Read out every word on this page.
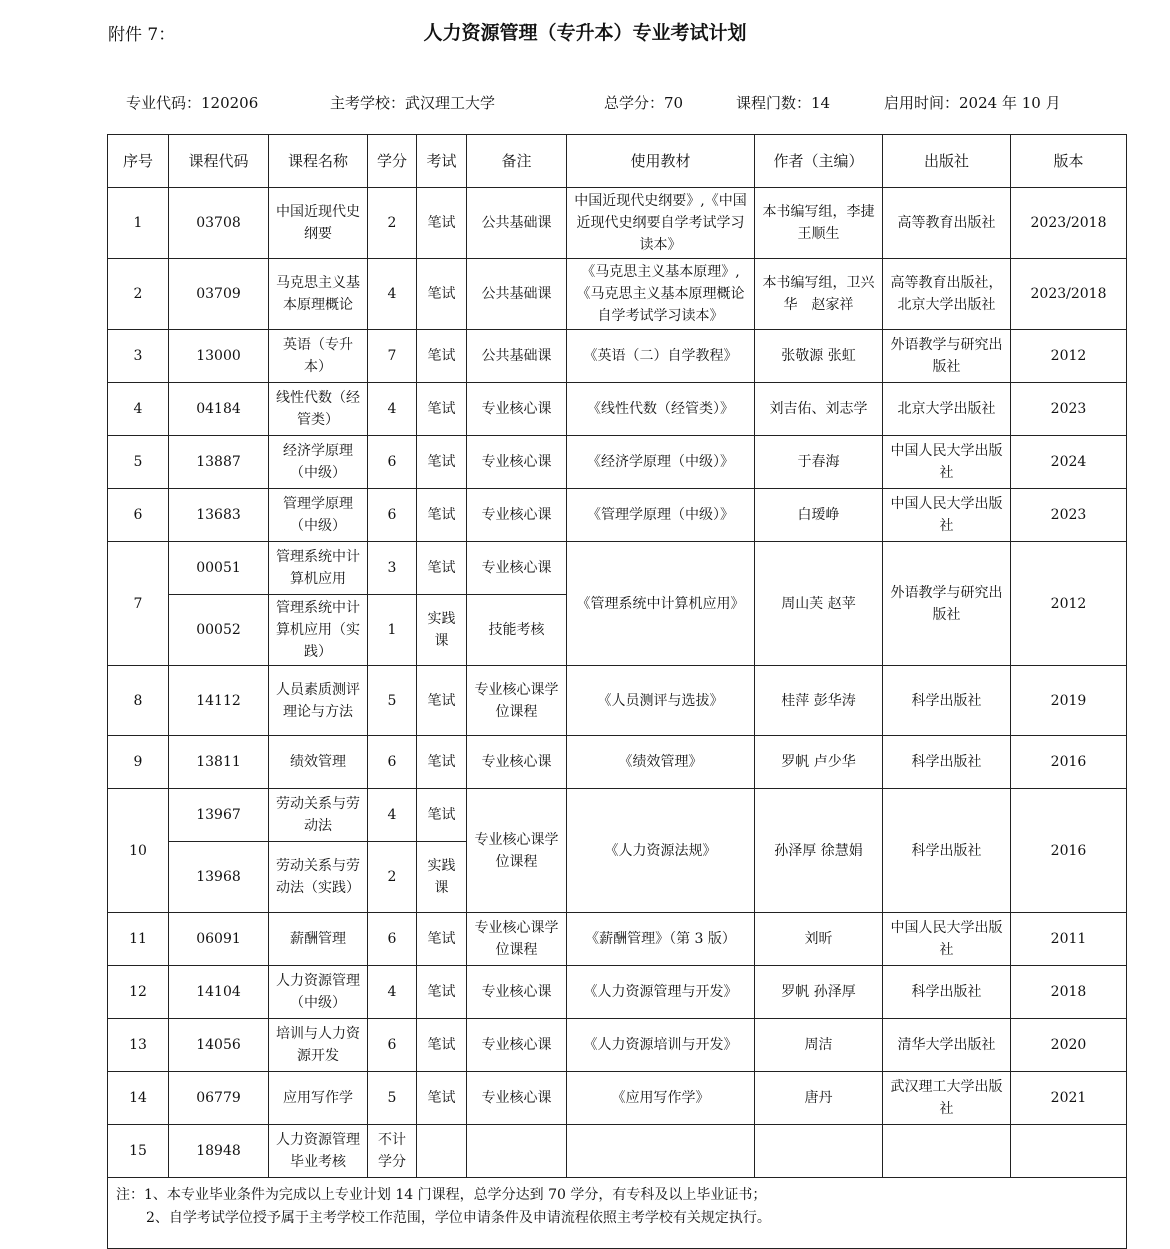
附件 7：	人力资源管理（专升本）专业考试计划
专业代码：120206	主考学校：武汉理工大学	总学分：70	课程门数：14	启用时间：2024 年 10 月
序号	课程代码	课程名称	学分	考试	备注	使用教材	作者（主编）	出版社	版本
1	03708	中国近现代史纲要	2	笔试	公共基础课	中国近现代史纲要》,《中国近现代史纲要自学考试学习读本》	本书编写组，李捷 王顺生	高等教育出版社	2023/2018
2	03709	马克思主义基本原理概论	4	笔试	公共基础课	《马克思主义基本原理》,《马克思主义基本原理概论自学考试学习读本》	本书编写组，卫兴华　赵家祥	高等教育出版社，北京大学出版社	2023/2018
3	13000	英语（专升本）	7	笔试	公共基础课	《英语（二）自学教程》	张敬源 张虹	外语教学与研究出版社	2012
4	04184	线性代数（经管类）	4	笔试	专业核心课	《线性代数（经管类）》	刘吉佑、刘志学	北京大学出版社	2023
5	13887	经济学原理（中级）	6	笔试	专业核心课	《经济学原理（中级）》	于春海	中国人民大学出版社	2024
6	13683	管理学原理（中级）	6	笔试	专业核心课	《管理学原理（中级）》	白瑷峥	中国人民大学出版社	2023
7	00051	管理系统中计算机应用	3	笔试	专业核心课	《管理系统中计算机应用》	周山芙 赵苹	外语教学与研究出版社	2012
	00052	管理系统中计算机应用（实践）	1	实践课	技能考核				
8	14112	人员素质测评理论与方法	5	笔试	专业核心课学位课程	《人员测评与选拔》	桂萍 彭华涛	科学出版社	2019
9	13811	绩效管理	6	笔试	专业核心课	《绩效管理》	罗帆 卢少华	科学出版社	2016
10	13967	劳动关系与劳动法	4	笔试	专业核心课学位课程	《人力资源法规》	孙泽厚 徐慧娟	科学出版社	2016
	13968	劳动关系与劳动法（实践）	2	实践课					
11	06091	薪酬管理	6	笔试	专业核心课学位课程	《薪酬管理》（第 3 版）	刘昕	中国人民大学出版社	2011
12	14104	人力资源管理（中级）	4	笔试	专业核心课	《人力资源管理与开发》	罗帆 孙泽厚	科学出版社	2018
13	14056	培训与人力资源开发	6	笔试	专业核心课	《人力资源培训与开发》	周洁	清华大学出版社	2020
14	06779	应用写作学	5	笔试	专业核心课	《应用写作学》	唐丹	武汉理工大学出版社	2021
15	18948	人力资源管理毕业考核	不计学分						

注：1、本专业毕业条件为完成以上专业计划 14 门课程，总学分达到 70 学分，有专科及以上毕业证书；
2、自学考试学位授予属于主考学校工作范围，学位申请条件及申请流程依照主考学校有关规定执行。									
